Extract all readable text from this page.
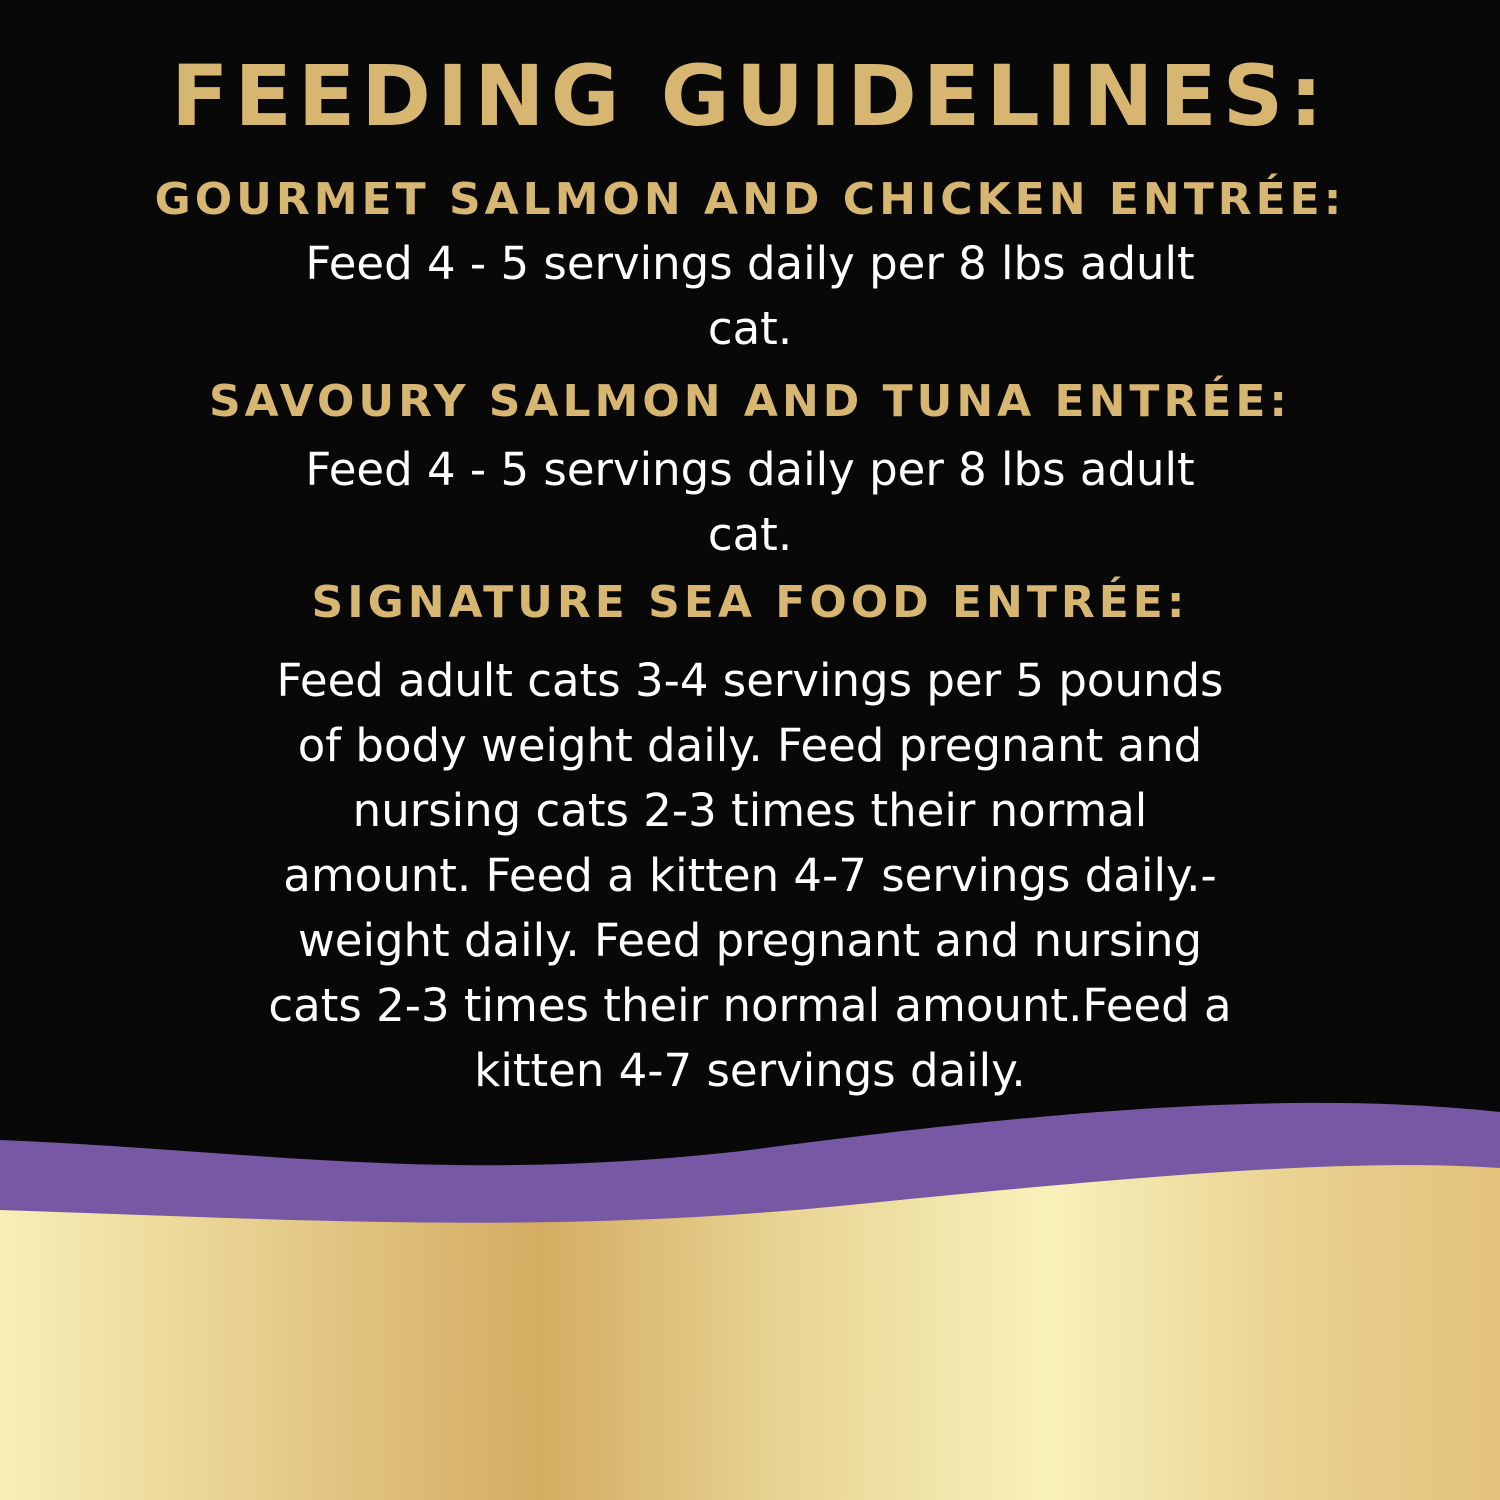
FEEDING GUIDELINES:
GOURMET SALMON AND CHICKEN ENTRÉE:
Feed 4 - 5 servings daily per 8 lbs adult
cat.
SAVOURY SALMON AND TUNA ENTRÉE:
Feed 4 - 5 servings daily per 8 lbs adult
cat.
SIGNATURE SEA FOOD ENTRÉE:
Feed adult cats 3-4 servings per 5 pounds
of body weight daily. Feed pregnant and
nursing cats 2-3 times their normal
amount. Feed a kitten 4-7 servings daily.-
weight daily. Feed pregnant and nursing
cats 2-3 times their normal amount.Feed a
kitten 4-7 servings daily.
